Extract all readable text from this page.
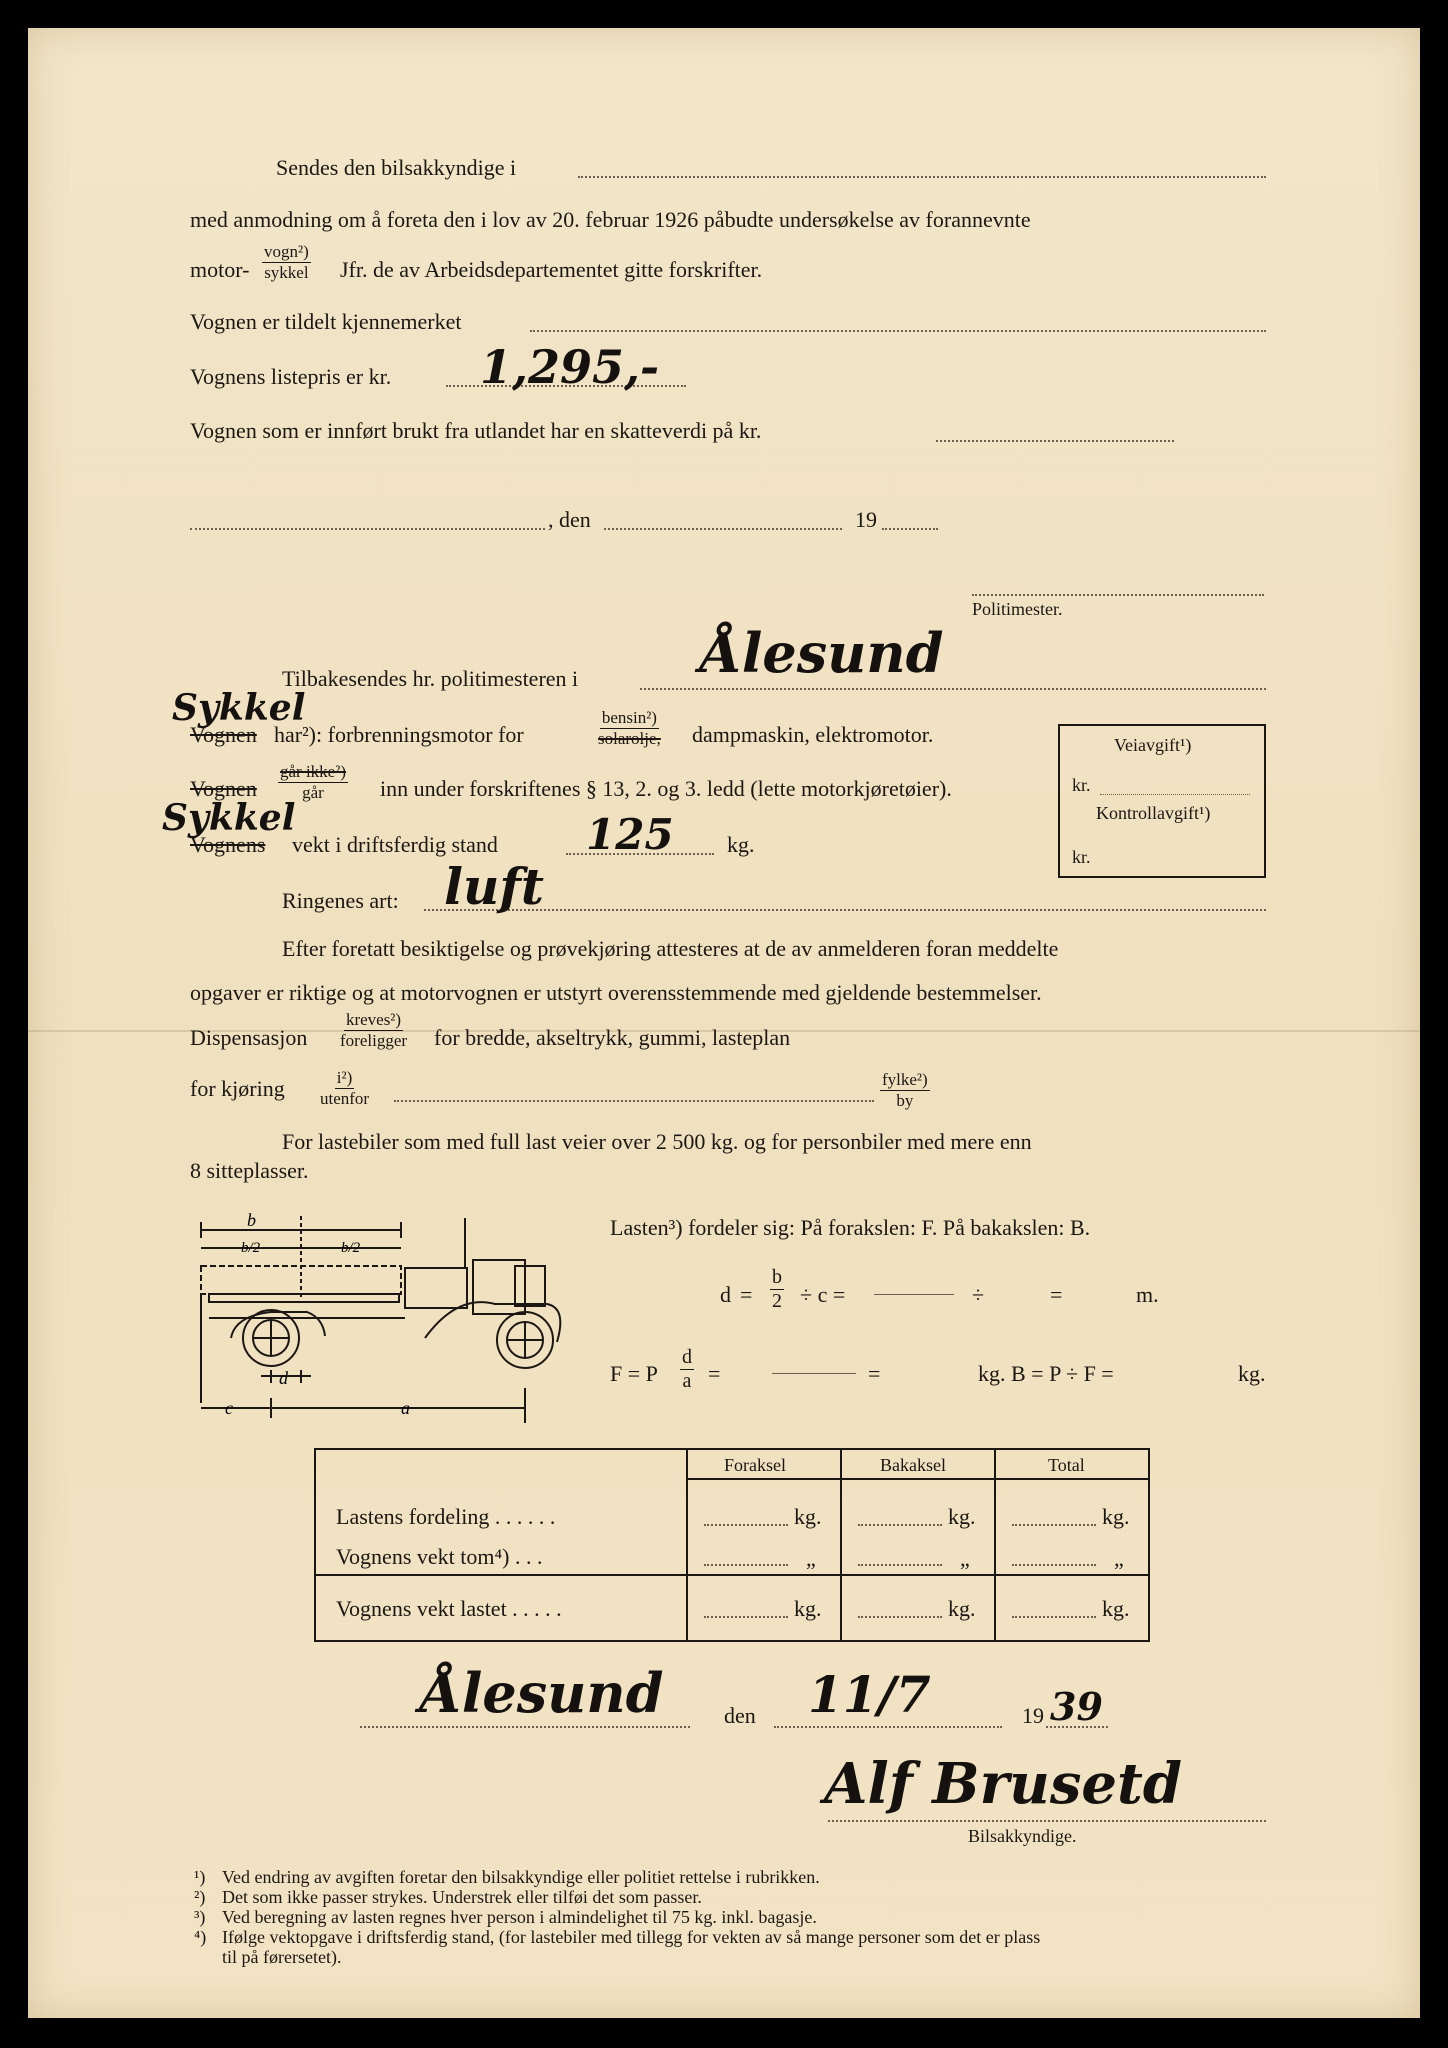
Sendes den bilsakkyndige i
med anmodning om å foreta den i lov av 20. februar 1926 påbudte undersøkelse av forannevnte
motor-
vogn²)
sykkel Jfr. de av Arbeidsdepartementet gitte forskrifter.
Vognen er tildelt kjennemerket
Vognens listepris er kr. 1,295,-
Vognen som er innført brukt fra utlandet har en skatteverdi på kr.
, den	19
Politimester.
Tilbakesendes hr. politimesteren i Ålesund
Sykkel
Vognen har²): forbrenningsmotor for
bensin²)
solarolje, dampmaskin, elektromotor.
Vognen
går ikke²)
går	inn under forskriftenes § 13, 2. og 3. ledd (lette motorkjøretøier).
Sykkel
Vognens vekt i driftsferdig stand 125 kg.
Ringenes art: luft
Veiavgift¹)
kr.
Kontrollavgift¹)
kr.
Efter foretatt besiktigelse og prøvekjøring attesteres at de av anmelderen foran meddelte
opgaver er riktige og at motorvognen er utstyrt overensstemmende med gjeldende bestemmelser.
Dispensasjon
kreves²)
foreligger for bredde, akseltrykk, gummi, lasteplan
for kjøring	i²)
utenfor
fylke²)
by
For lastebiler som med full last veier over 2 500 kg. og for personbiler med mere enn
8 sitteplasser.
b
b/2	b/2
c
d
a
Lasten³) fordeler sig: På forakslen: F. På bakakslen: B.
$d = \frac{b}{2} \div c$ =	÷	=	m.
F = P $\frac{d}{a}$ =	=	kg. B = P ÷ F =	kg.
Foraksel	Bakaksel	Total
Lastens fordeling . . . . . .	kg.	kg.	kg.
Vognens vekt tom⁴) . . .	„	„	„
Vognens vekt lastet . . . . .	kg.	kg.	kg.
Ålesund	den 11/7	19 39
Alf Brusetd
Bilsakkyndige.
¹) Ved endring av avgiften foretar den bilsakkyndige eller politiet rettelse i rubrikken.
²) Det som ikke passer strykes. Understrek eller tilføi det som passer.
³) Ved beregning av lasten regnes hver person i almindelighet til 75 kg. inkl. bagasje.
⁴) Ifølge vektopgave i driftsferdig stand, (for lastebiler med tillegg for vekten av så mange personer som det er plass
til på førersetet).
